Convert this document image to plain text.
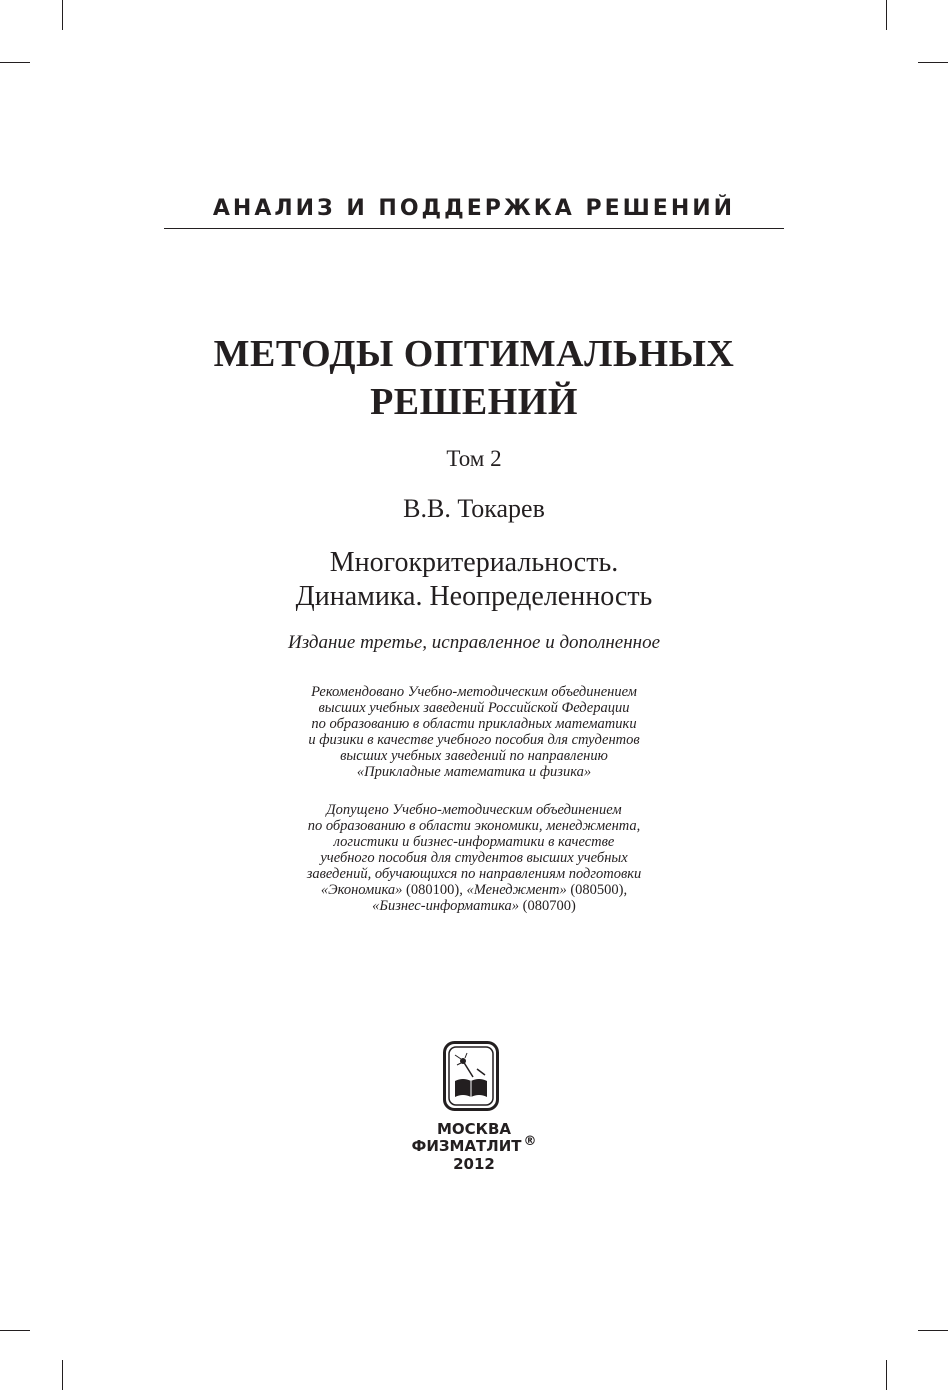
АНАЛИЗ И ПОДДЕРЖКА РЕШЕНИЙ
МЕТОДЫ ОПТИМАЛЬНЫХ
РЕШЕНИЙ
Том 2
В.В. Токарев
Многокритериальность.
Динамика. Неопределенность
Издание третье, исправленное и дополненное
Рекомендовано Учебно-методическим объединением
высших учебных заведений Российской Федерации
по образованию в области прикладных математики
и физики в качестве учебного пособия для студентов
высших учебных заведений по направлению
«Прикладные математика и физика»
Допущено Учебно-методическим объединением
по образованию в области экономики, менеджмента,
логистики и бизнес-информатики в качестве
учебного пособия для студентов высших учебных
заведений, обучающихся по направлениям подготовки
«Экономика» (080100), «Менеджмент» (080500),
«Бизнес-информатика» (080700)
МОСКВА
ФИЗМАТЛИТ ®
2012
